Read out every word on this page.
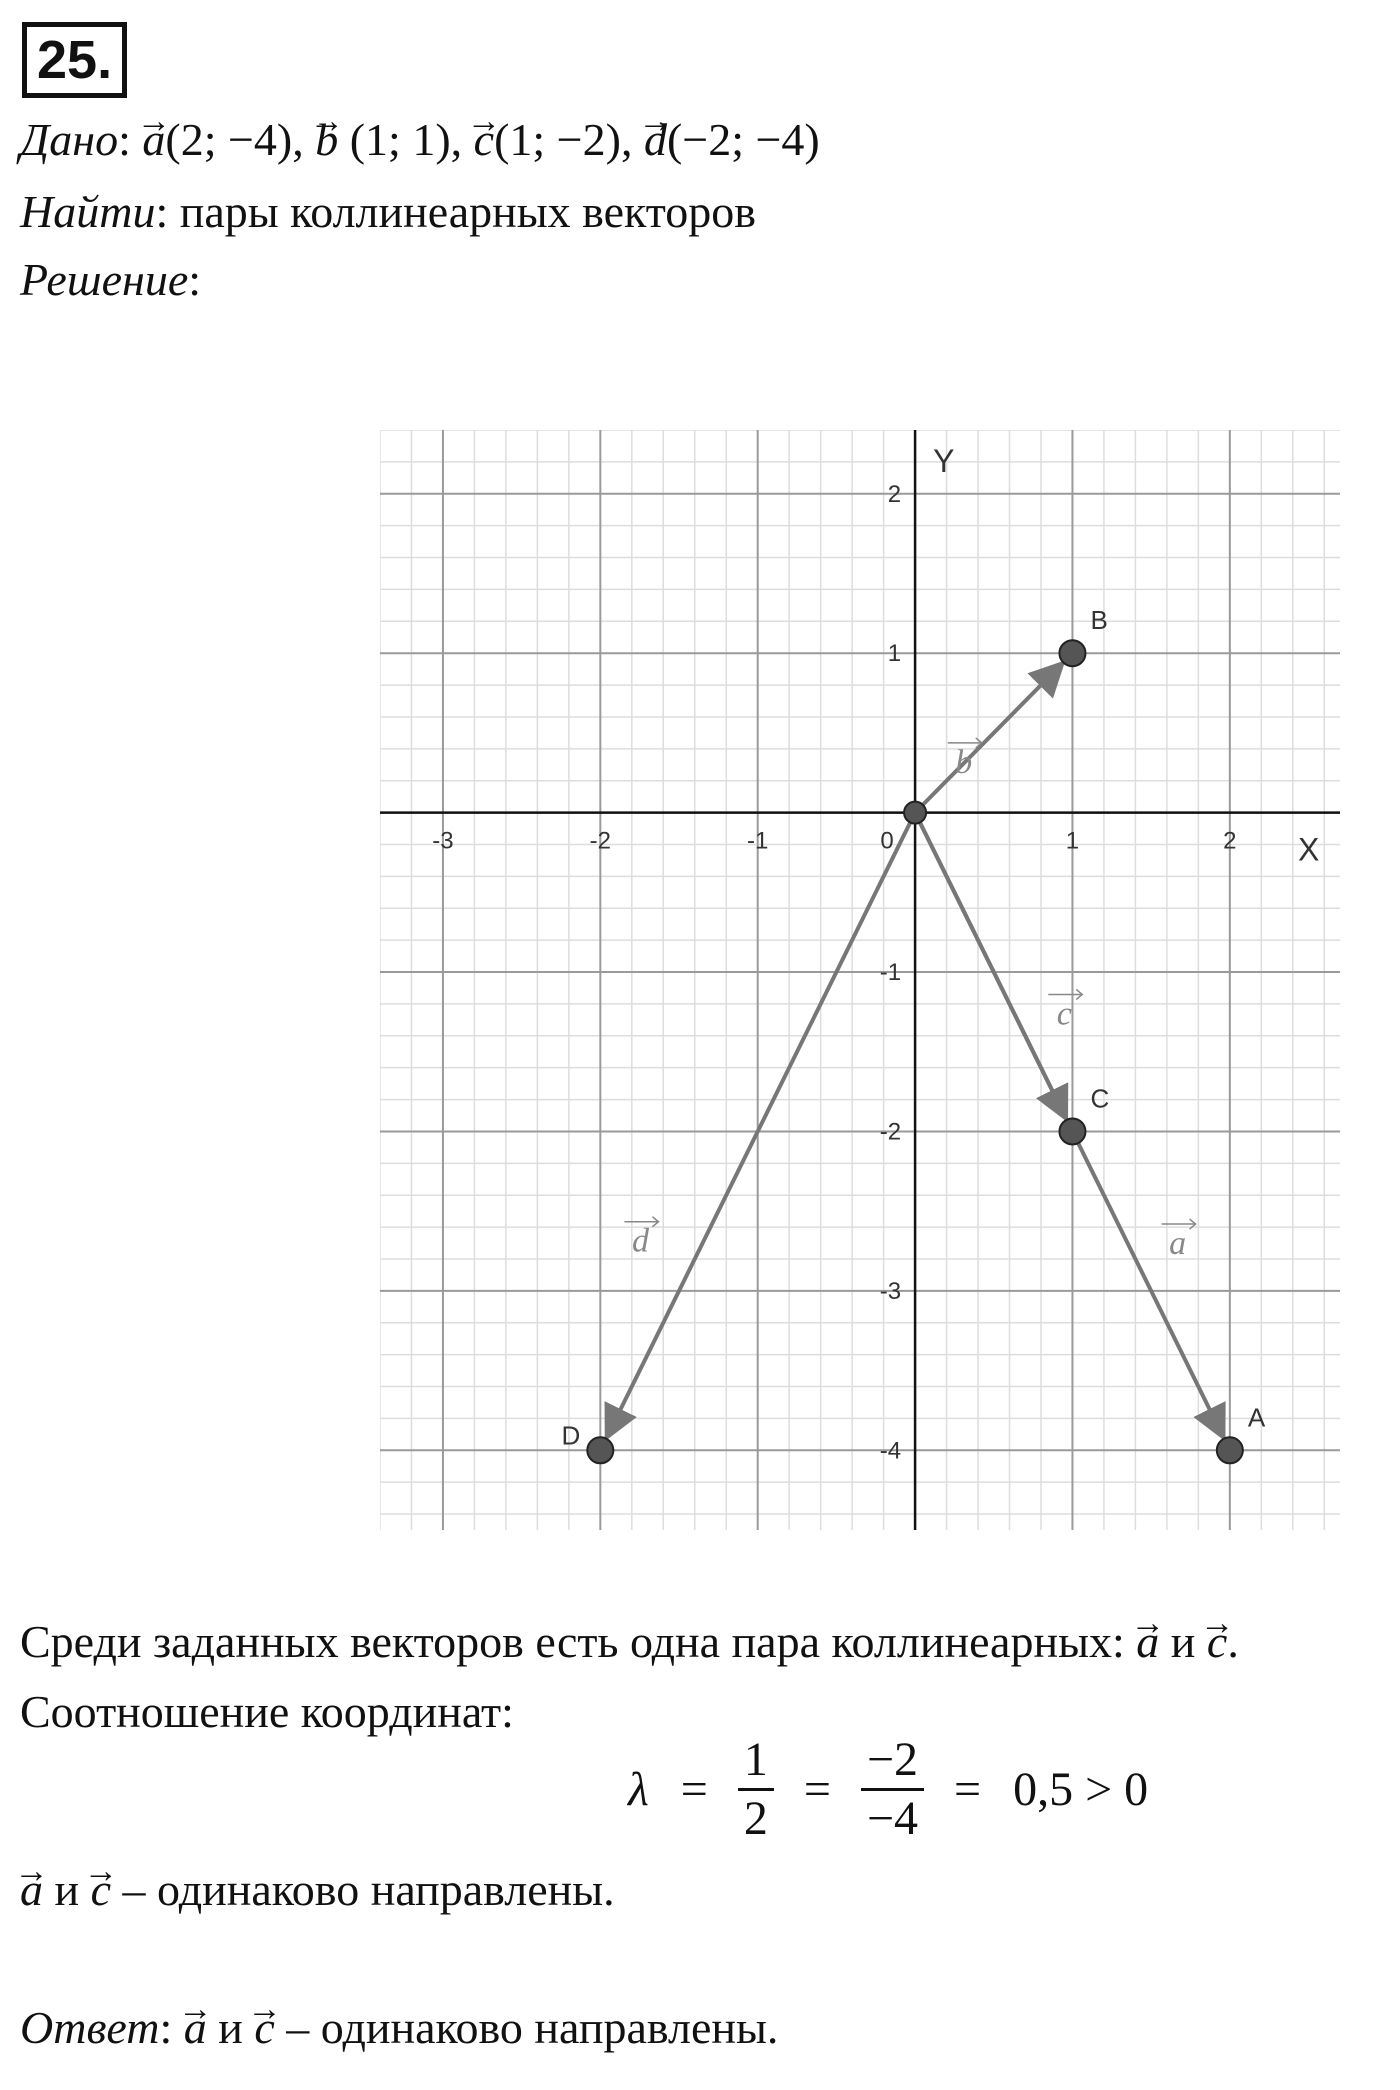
25.
Дано: → a(2; −4), → b (1; 1), → c(1; −2), → d(−2; −4)
Найти: пары коллинеарных векторов
Решение:
X
Y
-3	-2	-1	0	1	2
2
1
-1
-2
-3
-4
a
b
c
d
A
B
C
D
Среди заданных векторов есть одна пара коллинеарных: → a и → c.
Соотношение координат:
$\lambda = \frac{1}{2} = \frac{-2}{-4} = 0,5 > 0$
→ a и → c – одинаково направлены.
Ответ: → a и → c – одинаково направлены.
